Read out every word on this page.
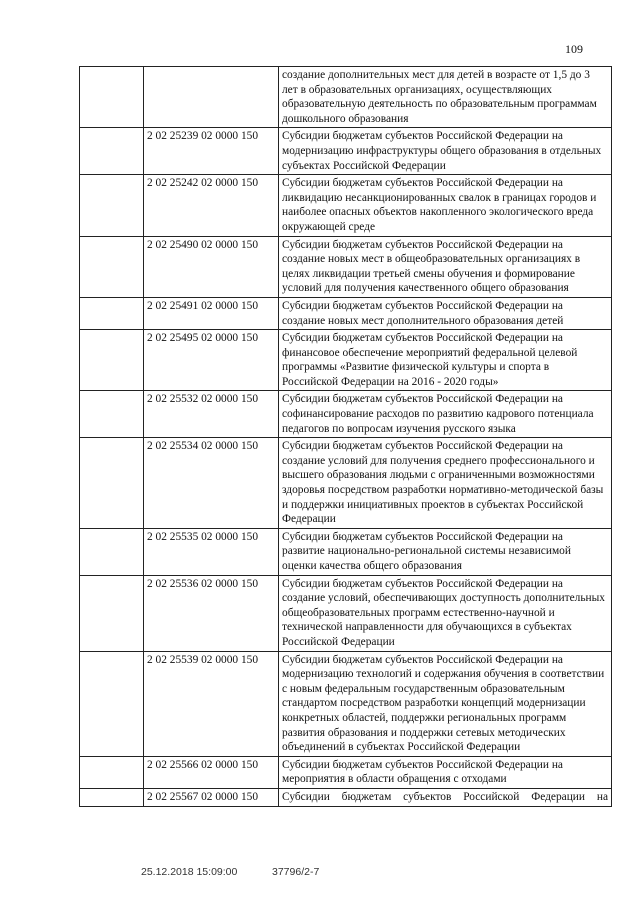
109
		создание дополнительных мест для детей в возрасте от 1,5 до 3 лет в образовательных организациях, осуществляющих образовательную деятельность по образовательным программам дошкольного образования
	2 02 25239 02 0000 150	Субсидии бюджетам субъектов Российской Федерации на модернизацию инфраструктуры общего образования в отдельных субъектах Российской Федерации
	2 02 25242 02 0000 150	Субсидии бюджетам субъектов Российской Федерации на ликвидацию несанкционированных свалок в границах городов и наиболее опасных объектов накопленного экологического вреда окружающей среде
	2 02 25490 02 0000 150	Субсидии бюджетам субъектов Российской Федерации на создание новых мест в общеобразовательных организациях в целях ликвидации третьей смены обучения и формирование условий для получения качественного общего образования
	2 02 25491 02 0000 150	Субсидии бюджетам субъектов Российской Федерации на создание новых мест дополнительного образования детей
	2 02 25495 02 0000 150	Субсидии бюджетам субъектов Российской Федерации на финансовое обеспечение мероприятий федеральной целевой программы «Развитие физической культуры и спорта в Российской Федерации на 2016 - 2020 годы»
	2 02 25532 02 0000 150	Субсидии бюджетам субъектов Российской Федерации на софинансирование расходов по развитию кадрового потенциала педагогов по вопросам изучения русского языка
	2 02 25534 02 0000 150	Субсидии бюджетам субъектов Российской Федерации на создание условий для получения среднего профессионального и высшего образования людьми с ограниченными возможностями здоровья посредством разработки нормативно-методической базы и поддержки инициативных проектов в субъектах Российской Федерации
	2 02 25535 02 0000 150	Субсидии бюджетам субъектов Российской Федерации на развитие национально-региональной системы независимой оценки качества общего образования
	2 02 25536 02 0000 150	Субсидии бюджетам субъектов Российской Федерации на создание условий, обеспечивающих доступность дополнительных общеобразовательных программ естественно-научной и технической направленности для обучающихся в субъектах Российской Федерации
	2 02 25539 02 0000 150	Субсидии бюджетам субъектов Российской Федерации на модернизацию технологий и содержания обучения в соответствии с новым федеральным государственным образовательным стандартом посредством разработки концепций модернизации конкретных областей, поддержки региональных программ развития образования и поддержки сетевых методических объединений в субъектах Российской Федерации
	2 02 25566 02 0000 150	Субсидии бюджетам субъектов Российской Федерации на мероприятия в области обращения с отходами
	2 02 25567 02 0000 150	Субсидии бюджетам субъектов Российской Федерации на
25.12.2018 15:09:00	37796/2-7
